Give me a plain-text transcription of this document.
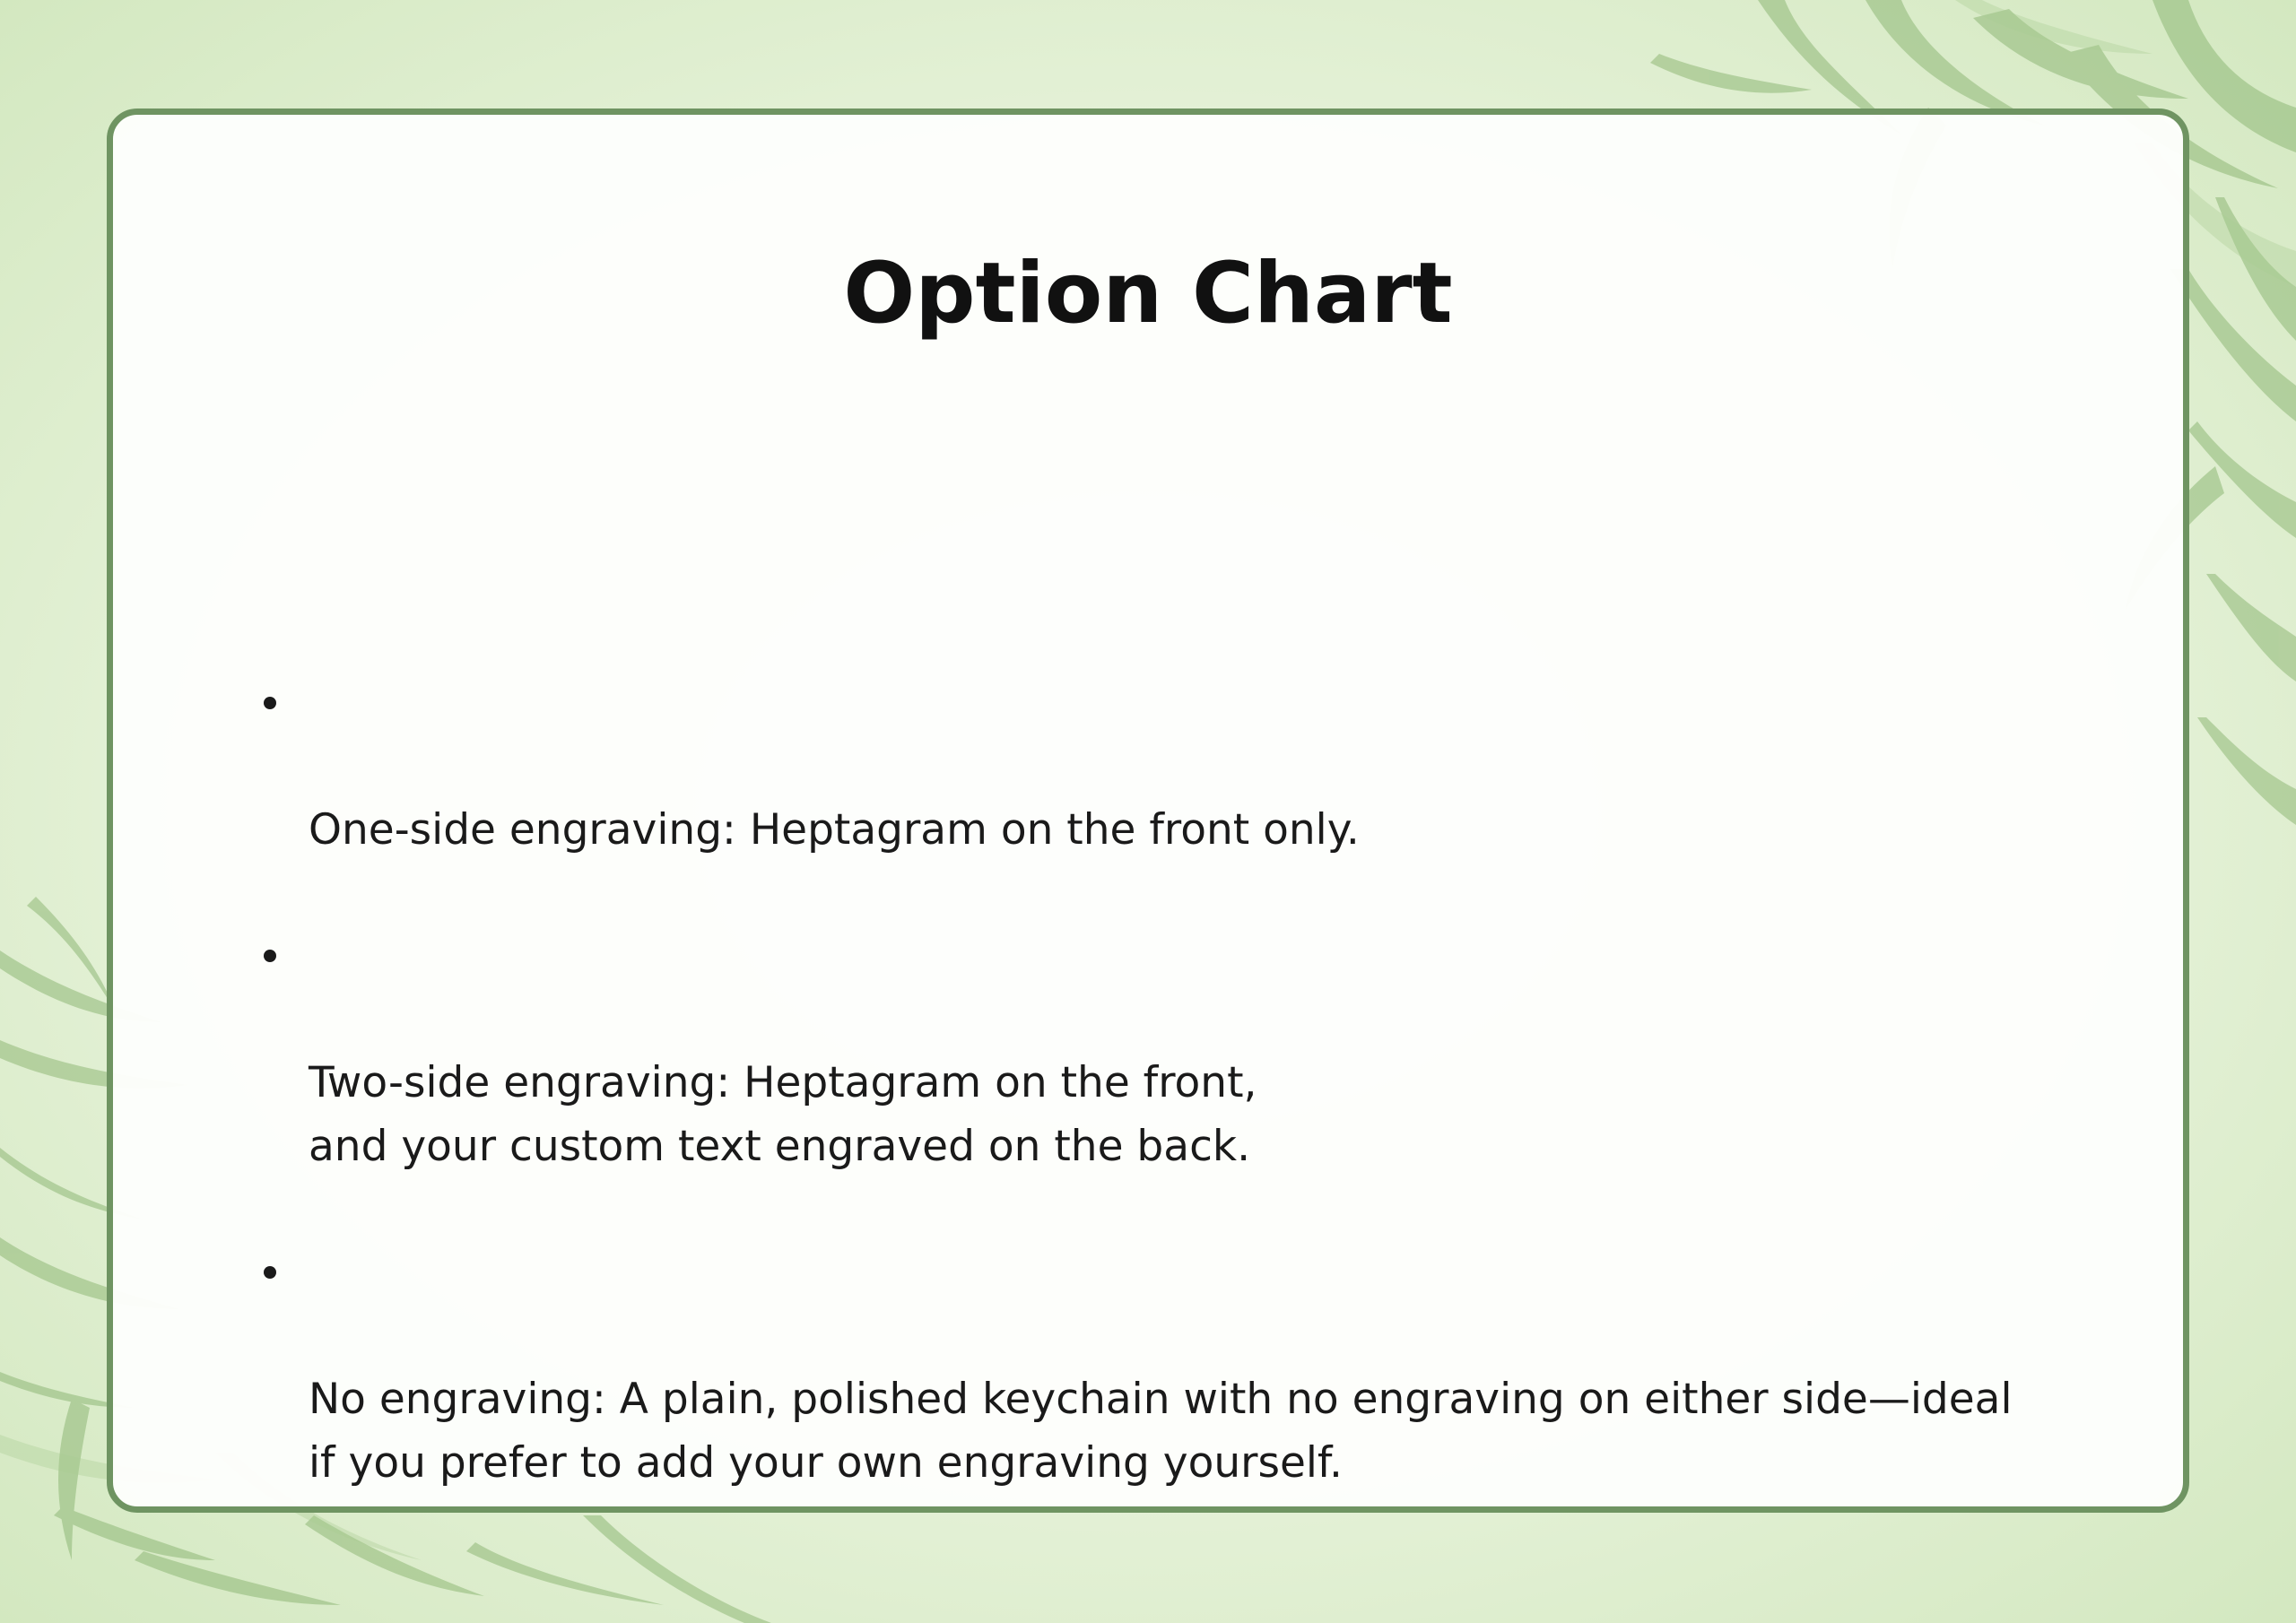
Option Chart

One-side engraving: Heptagram on the front only.

Two-side engraving: Heptagram on the front,
and your custom text engraved on the back.

No engraving: A plain, polished keychain with no engraving on either side—ideal
if you prefer to add your own engraving yourself.
